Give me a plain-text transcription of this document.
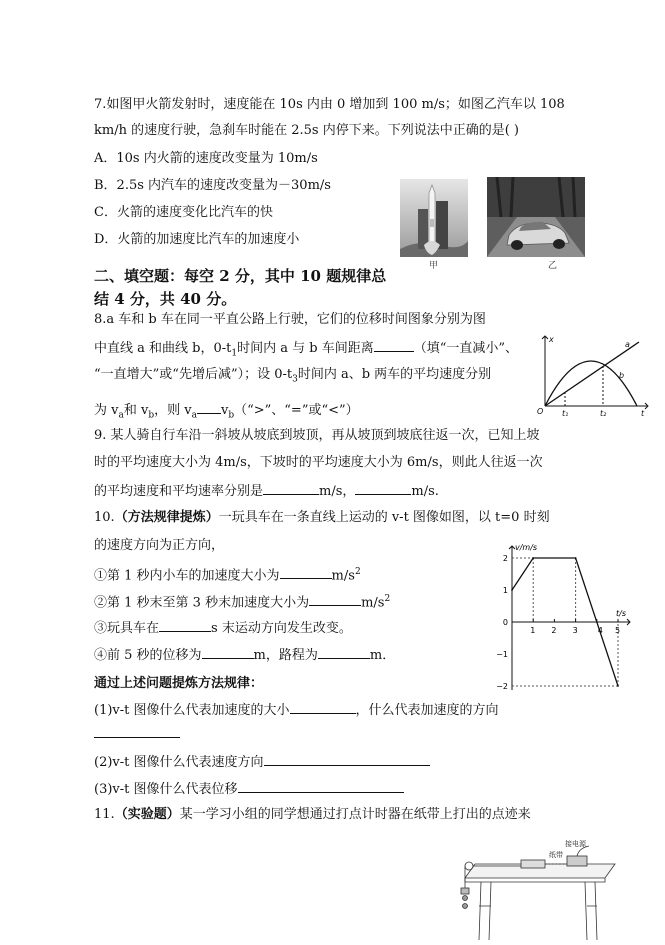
7.如图甲火箭发射时，速度能在 10s 内由 0 增加到 100 m/s；如图乙汽车以 108
km/h 的速度行驶，急刹车时能在 2.5s 内停下来。下列说法中正确的是( )
A．10s 内火箭的速度改变量为 10m/s
B．2.5s 内汽车的速度改变量为－30m/s
C．火箭的速度变化比汽车的快
D．火箭的加速度比汽车的加速度小
甲	乙
二、填空题：每空 2 分，其中 10 题规律总
结 4 分，共 40 分。
8.a 车和 b 车在同一平直公路上行驶，它们的位移时间图象分别为图
中直线 a 和曲线 b，$0-t_1$时间内 a 与 b 车间距离	（填“一直减小”、
“一直增大”或“先增后减”）；设 $0-t_3$时间内 a、b 两车的平均速度分别
为 $v_a$和 $v_b$，则 $v_a$ $v_b(“>$”、“=”或“<”）
x
t
O t₁	t₂
a
b
9. 某人骑自行车沿一斜坡从坡底到坡顶，再从坡顶到坡底往返一次，已知上坡
时的平均速度大小为 4m/s，下坡时的平均速度大小为 6m/s，则此人往返一次
的平均速度和平均速率分别是	m/s，	m/s.
10.（方法规律提炼）一玩具车在一条直线上运动的 v-t 图像如图，以 t=0 时刻
的速度方向为正方向，
①第 1 秒内小车的加速度大小为	$m/s^2$
②第 1 秒末至第 3 秒末加速度大小为	$m/s^2$
③玩具车在	s 末运动方向发生改变。
④前 5 秒的位移为	m，路程为	m．
1 2 3	4 5
2
1
0
−1
−2
t/s
v/m/s
通过上述问题提炼方法规律：
(1)v-t 图像什么代表加速度的大小	，什么代表加速度的方向
(2)v-t 图像什么代表速度方向
(3)v-t 图像什么代表位移
11.（实验题）某一学习小组的同学想通过打点计时器在纸带上打出的点迹来
接电源
纸带
